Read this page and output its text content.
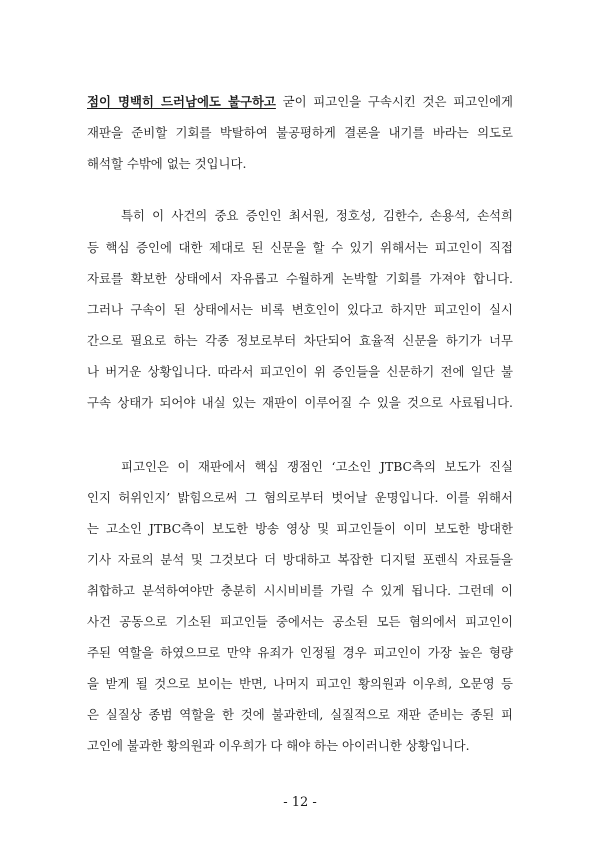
점이 명백히 드러남에도 불구하고 굳이 피고인을 구속시킨 것은 피고인에게
재판을 준비할 기회를 박탈하여 불공평하게 결론을 내기를 바라는 의도로
해석할 수밖에 없는 것입니다.
특히 이 사건의 중요 증인인 최서원, 정호성, 김한수, 손용석, 손석희
등 핵심 증인에 대한 제대로 된 신문을 할 수 있기 위해서는 피고인이 직접
자료를 확보한 상태에서 자유롭고 수월하게 논박할 기회를 가져야 합니다.
그러나 구속이 된 상태에서는 비록 변호인이 있다고 하지만 피고인이 실시
간으로 필요로 하는 각종 정보로부터 차단되어 효율적 신문을 하기가 너무
나 버거운 상황입니다. 따라서 피고인이 위 증인들을 신문하기 전에 일단 불
구속 상태가 되어야 내실 있는 재판이 이루어질 수 있을 것으로 사료됩니다.
피고인은 이 재판에서 핵심 쟁점인 ‘고소인 JTBC측의 보도가 진실
인지 허위인지’ 밝힘으로써 그 혐의로부터 벗어날 운명입니다. 이를 위해서
는 고소인 JTBC측이 보도한 방송 영상 및 피고인들이 이미 보도한 방대한
기사 자료의 분석 및 그것보다 더 방대하고 복잡한 디지털 포렌식 자료들을
취합하고 분석하여야만 충분히 시시비비를 가릴 수 있게 됩니다. 그런데 이
사건 공동으로 기소된 피고인들 중에서는 공소된 모든 혐의에서 피고인이
주된 역할을 하였으므로 만약 유죄가 인정될 경우 피고인이 가장 높은 형량
을 받게 될 것으로 보이는 반면, 나머지 피고인 황의원과 이우희, 오문영 등
은 실질상 종범 역할을 한 것에 불과한데, 실질적으로 재판 준비는 종된 피
고인에 불과한 황의원과 이우희가 다 해야 하는 아이러니한 상황입니다.
- 12 -
